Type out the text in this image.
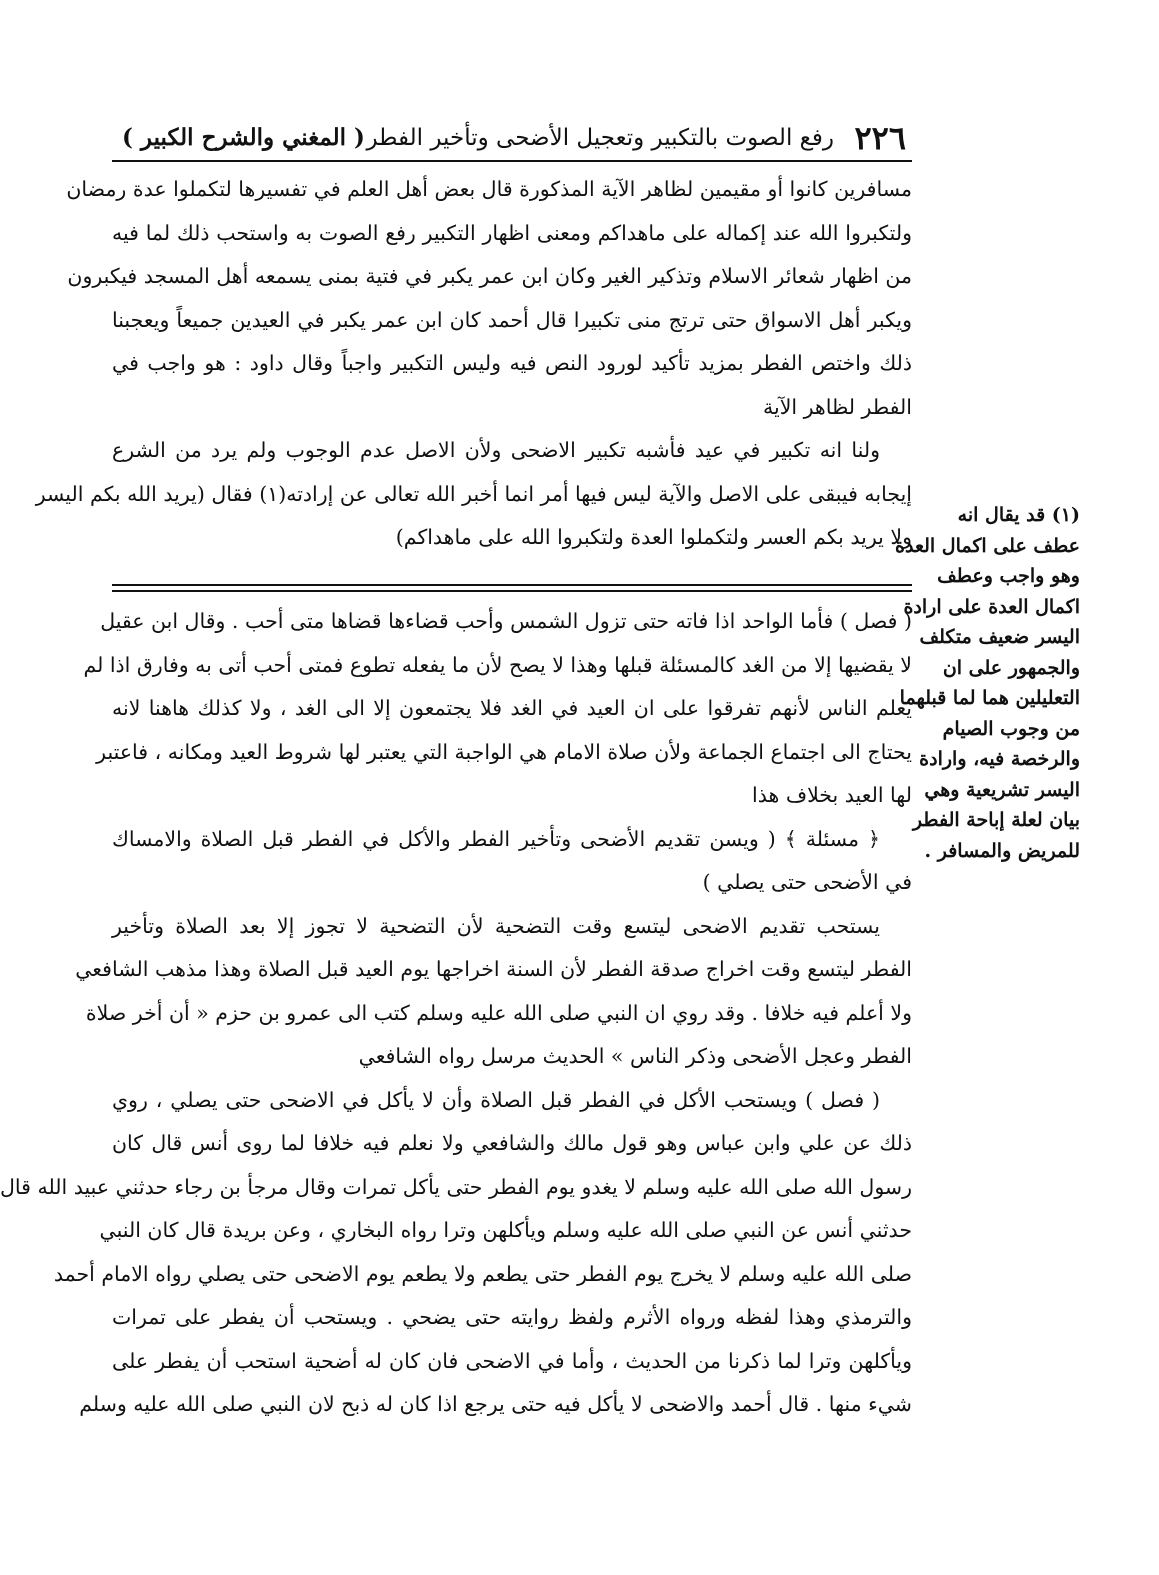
٢٢٦
رفع الصوت بالتكبير وتعجيل الأضحى وتأخير الفطر
( المغني والشرح الكبير )

مسافرين كانوا أو مقيمين لظاهر الآية المذكورة قال بعض أهل العلم في تفسيرها لتكملوا عدة رمضان

ولتكبروا الله عند إكماله على ماهداكم ومعنى اظهار التكبير رفع الصوت به واستحب ذلك لما فيه

من اظهار شعائر الاسلام وتذكير الغير وكان ابن عمر يكبر في فتية بمنى يسمعه أهل المسجد فيكبرون

ويكبر أهل الاسواق حتى ترتج منى تكبيرا قال أحمد كان ابن عمر يكبر في العيدين جميعاً ويعجبنا

ذلك واختص الفطر بمزيد تأكيد لورود النص فيه وليس التكبير واجباً وقال داود : هو واجب في

الفطر لظاهر الآية

ولنا انه تكبير في عيد فأشبه تكبير الاضحى ولأن الاصل عدم الوجوب ولم يرد من الشرع

إيجابه فيبقى على الاصل والآية ليس فيها أمر انما أخبر الله تعالى عن إرادته(١) فقال (يريد الله بكم اليسر

ولا يريد بكم العسر ولتكملوا العدة ولتكبروا الله على ماهداكم)

( فصل ) فأما الواحد اذا فاته حتى تزول الشمس وأحب قضاءها قضاها متى أحب . وقال ابن عقيل

لا يقضيها إلا من الغد كالمسئلة قبلها وهذا لا يصح لأن ما يفعله تطوع فمتى أحب أتى به وفارق اذا لم

يعلم الناس لأنهم تفرقوا على ان العيد في الغد فلا يجتمعون إلا الى الغد ، ولا كذلك هاهنا لانه

يحتاج الى اجتماع الجماعة ولأن صلاة الامام هي الواجبة التي يعتبر لها شروط العيد ومكانه ، فاعتبر

لها العيد بخلاف هذا

﴿ مسئلة ﴾ ( ويسن تقديم الأضحى وتأخير الفطر والأكل في الفطر قبل الصلاة والامساك

في الأضحى حتى يصلي )

يستحب تقديم الاضحى ليتسع وقت التضحية لأن التضحية لا تجوز إلا بعد الصلاة وتأخير

الفطر ليتسع وقت اخراج صدقة الفطر لأن السنة اخراجها يوم العيد قبل الصلاة وهذا مذهب الشافعي

ولا أعلم فيه خلافا . وقد روي ان النبي صلى الله عليه وسلم كتب الى عمرو بن حزم « أن أخر صلاة

الفطر وعجل الأضحى وذكر الناس » الحديث مرسل رواه الشافعي

( فصل ) ويستحب الأكل في الفطر قبل الصلاة وأن لا يأكل في الاضحى حتى يصلي ، روي

ذلك عن علي وابن عباس وهو قول مالك والشافعي ولا نعلم فيه خلافا لما روى أنس قال كان

رسول الله صلى الله عليه وسلم لا يغدو يوم الفطر حتى يأكل تمرات وقال مرجأ بن رجاء حدثني عبيد الله قال

حدثني أنس عن النبي صلى الله عليه وسلم ويأكلهن وترا رواه البخاري ، وعن بريدة قال كان النبي

صلى الله عليه وسلم لا يخرج يوم الفطر حتى يطعم ولا يطعم يوم الاضحى حتى يصلي رواه الامام أحمد

والترمذي وهذا لفظه ورواه الأثرم ولفظ روايته حتى يضحي . ويستحب أن يفطر على تمرات

ويأكلهن وترا لما ذكرنا من الحديث ، وأما في الاضحى فان كان له أضحية استحب أن يفطر على

شيء منها . قال أحمد والاضحى لا يأكل فيه حتى يرجع اذا كان له ذبح لان النبي صلى الله عليه وسلم

(١) قد يقال انه
عطف على اكمال العدة
وهو واجب وعطف
اكمال العدة على ارادة
اليسر ضعيف متكلف
والجمهور على ان
التعليلين هما لما قبلهما
من وجوب الصيام
والرخصة فيه، وارادة
اليسر تشريعية وهي
بيان لعلة إباحة الفطر
للمريض والمسافر .
